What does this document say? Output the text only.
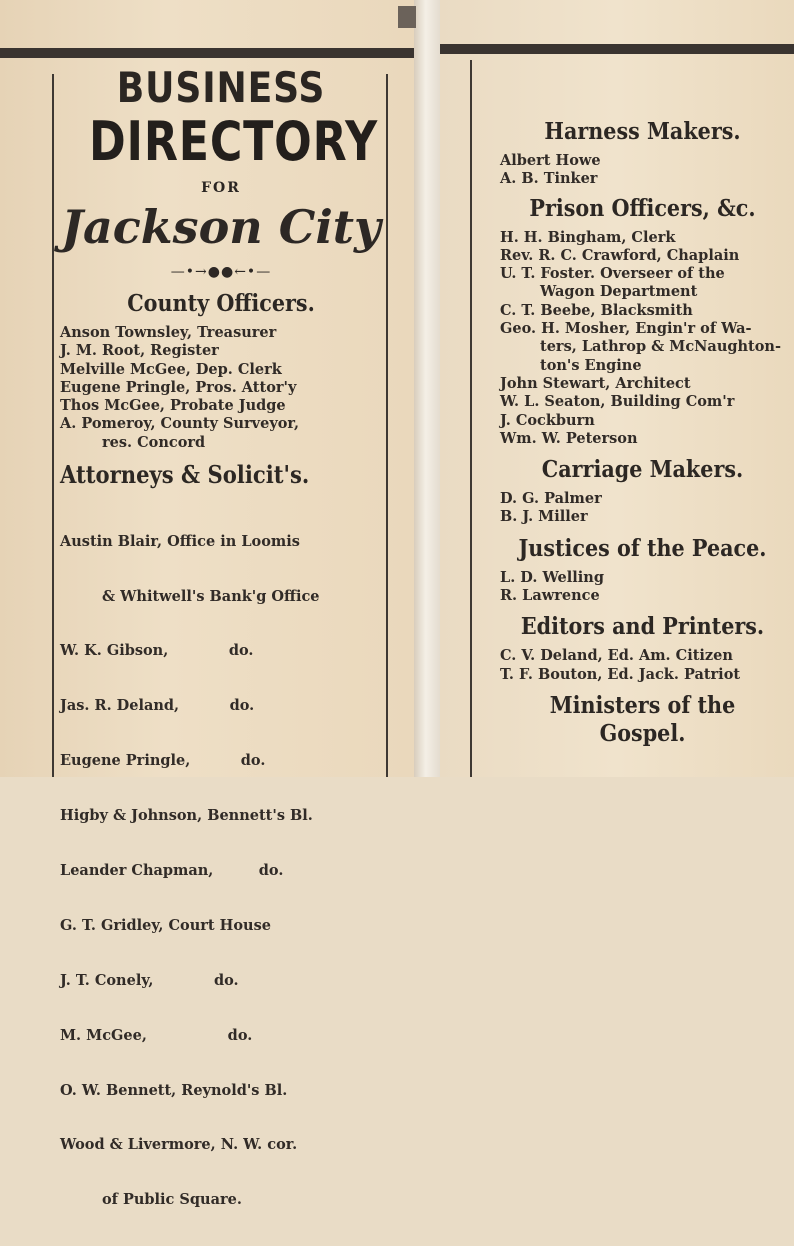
BUSINESS
DIRECTORY
FOR
Jackson City
—•→●●←•—
County Officers.
Anson Townsley, Treasurer
J. M. Root, Register
Melville McGee, Dep. Clerk
Eugene Pringle, Pros. Attor'y
Thos McGee, Probate Judge
A. Pomeroy, County Surveyor,
res. Concord
Attorneys & Solicit's.

Austin Blair, Office in Loomis

& Whitwell's Bank'g Office

W. K. Gibson,            do.

Jas. R. Deland,          do.

Eugene Pringle,          do.

Higby & Johnson, Bennett's Bl.

Leander Chapman,         do.

G. T. Gridley, Court House

J. T. Conely,            do.

M. McGee,                do.

O. W. Bennett, Reynold's Bl.

Wood & Livermore, N. W. cor.

of Public Square.

Harness Makers.
Albert Howe
A. B. Tinker
Prison Officers, &c.
H. H. Bingham, Clerk
Rev. R. C. Crawford, Chaplain
U. T. Foster. Overseer of the
Wagon Department
C. T. Beebe, Blacksmith
Geo. H. Mosher, Engin'r of Wa-
ters, Lathrop & McNaughton-
ton's Engine
John Stewart, Architect
W. L. Seaton, Building Com'r
J. Cockburn
Wm. W. Peterson
Carriage Makers.
D. G. Palmer
B. J. Miller
Justices of the Peace.
L. D. Welling
R. Lawrence
Editors and Printers.
C. V. Deland, Ed. Am. Citizen
T. F. Bouton, Ed. Jack. Patriot
Ministers of the
Gospel.
